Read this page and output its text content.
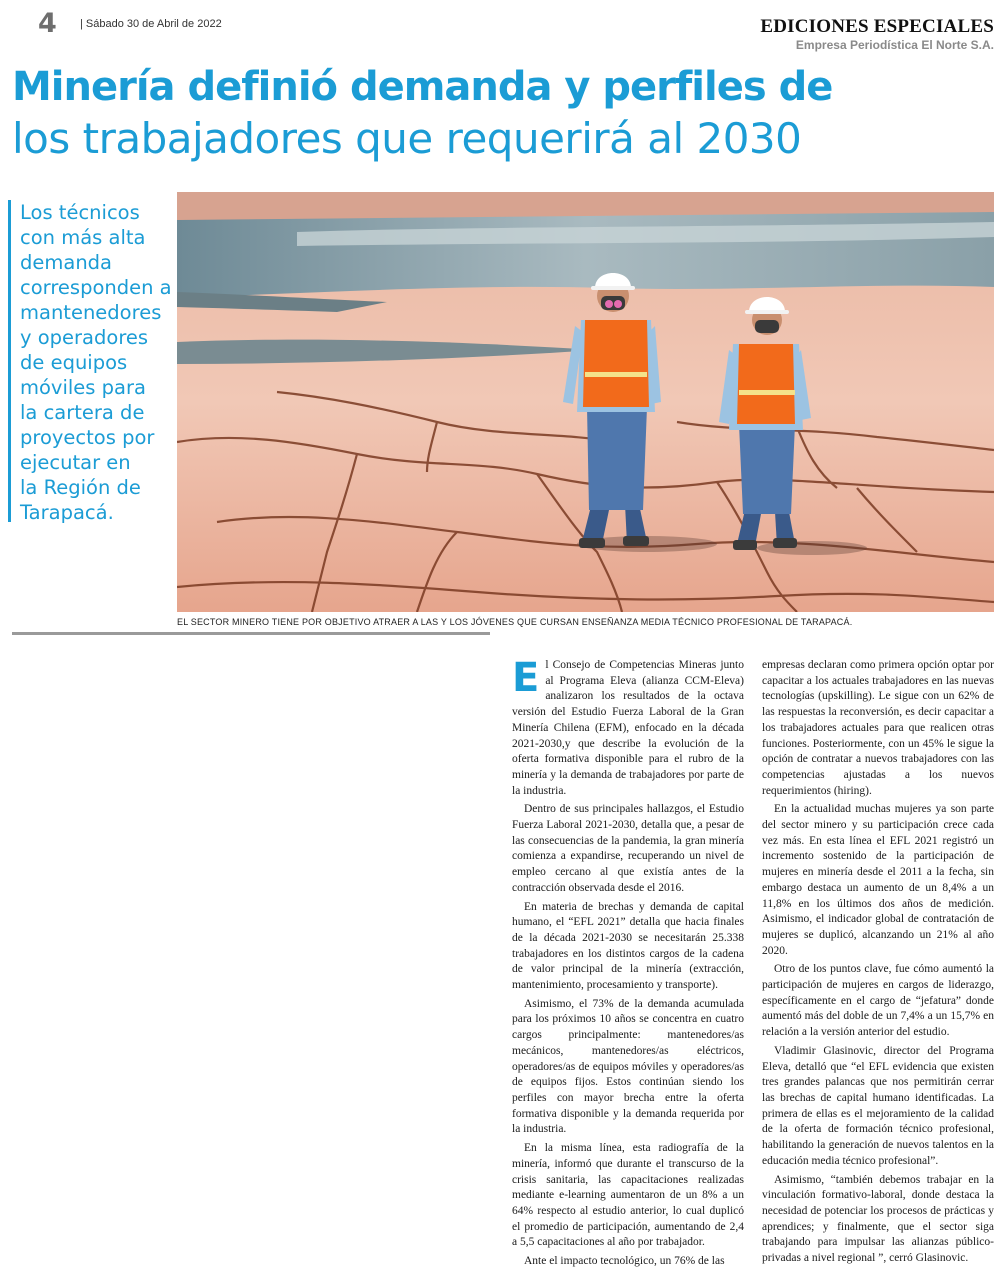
4 | Sábado 30 de Abril de 2022	EDICIONES ESPECIALES
Empresa Periodística El Norte S.A.
Minería definió demanda y perfiles de
los trabajadores que requerirá al 2030
Los técnicos
con más alta
demanda
corresponden a
mantenedores
y operadores
de equipos
móviles para
la cartera de
proyectos por
ejecutar en
la Región de
Tarapacá.
EL SECTOR MINERO TIENE POR OBJETIVO ATRAER A LAS Y LOS JÓVENES QUE CURSAN ENSEÑANZA MEDIA TÉCNICO PROFESIONAL DE TARAPACÁ.

El Consejo de Competencias Mineras junto al Programa Eleva (alianza CCM-Eleva) analizaron los resultados de la octava versión del Estudio Fuerza Laboral de la Gran Minería Chilena (EFM), enfocado en la década 2021-2030,y que describe la evolución de la oferta formativa disponible para el rubro de la minería y la demanda de trabajadores por parte de la industria.

Dentro de sus principales hallazgos, el Estudio Fuerza Laboral 2021-2030, detalla que, a pesar de las consecuencias de la pandemia, la gran minería comienza a expandirse, recuperando un nivel de empleo cercano al que existía antes de la contracción observada desde el 2016.

En materia de brechas y demanda de capital humano, el “EFL 2021” detalla que hacia finales de la década 2021-2030 se necesitarán 25.338 trabajadores en los distintos cargos de la cadena de valor principal de la minería (extracción, mantenimiento, procesamiento y transporte).

Asimismo, el 73% de la demanda acumulada para los próximos 10 años se concentra en cuatro cargos principalmente: mantenedores/as mecánicos, mantenedores/as eléctricos, operadores/as de equipos móviles y operadores/as de equipos fijos. Estos continúan siendo los perfiles con mayor brecha entre la oferta formativa disponible y la demanda requerida por la industria.

En la misma línea, esta radiografía de la minería, informó que durante el transcurso de la crisis sanitaria, las capacitaciones realizadas mediante e-learning aumentaron de un 8% a un 64% respecto al estudio anterior, lo cual duplicó el promedio de participación, aumentando de 2,4 a 5,5 capacitaciones al año por trabajador.

Ante el impacto tecnológico, un 76% de las

empresas declaran como primera opción optar por capacitar a los actuales trabajadores en las nuevas tecnologías (upskilling). Le sigue con un 62% de las respuestas la reconversión, es decir capacitar a los trabajadores actuales para que realicen otras funciones. Posteriormente, con un 45% le sigue la opción de contratar a nuevos trabajadores con las competencias ajustadas a los nuevos requerimientos (hiring).

En la actualidad muchas mujeres ya son parte del sector minero y su participación crece cada vez más. En esta línea el EFL 2021 registró un incremento sostenido de la participación de mujeres en minería desde el 2011 a la fecha, sin embargo destaca un aumento de un 8,4% a un 11,8% en los últimos dos años de medición. Asimismo, el indicador global de contratación de mujeres se duplicó, alcanzando un 21% al año 2020.

Otro de los puntos clave, fue cómo aumentó la participación de mujeres en cargos de liderazgo, específicamente en el cargo de “jefatura” donde aumentó más del doble de un 7,4% a un 15,7% en relación a la versión anterior del estudio.

Vladimir Glasinovic, director del Programa Eleva, detalló que “el EFL evidencia que existen tres grandes palancas que nos permitirán cerrar las brechas de capital humano identificadas. La primera de ellas es el mejoramiento de la calidad de la oferta de formación técnico profesional, habilitando la generación de nuevos talentos en la educación media técnico profesional”.

Asimismo, “también debemos trabajar en la vinculación formativo-laboral, donde destaca la necesidad de potenciar los procesos de prácticas y aprendices; y finalmente, que el sector siga trabajando para impulsar las alianzas público-privadas a nivel regional ”, cerró Glasinovic.
